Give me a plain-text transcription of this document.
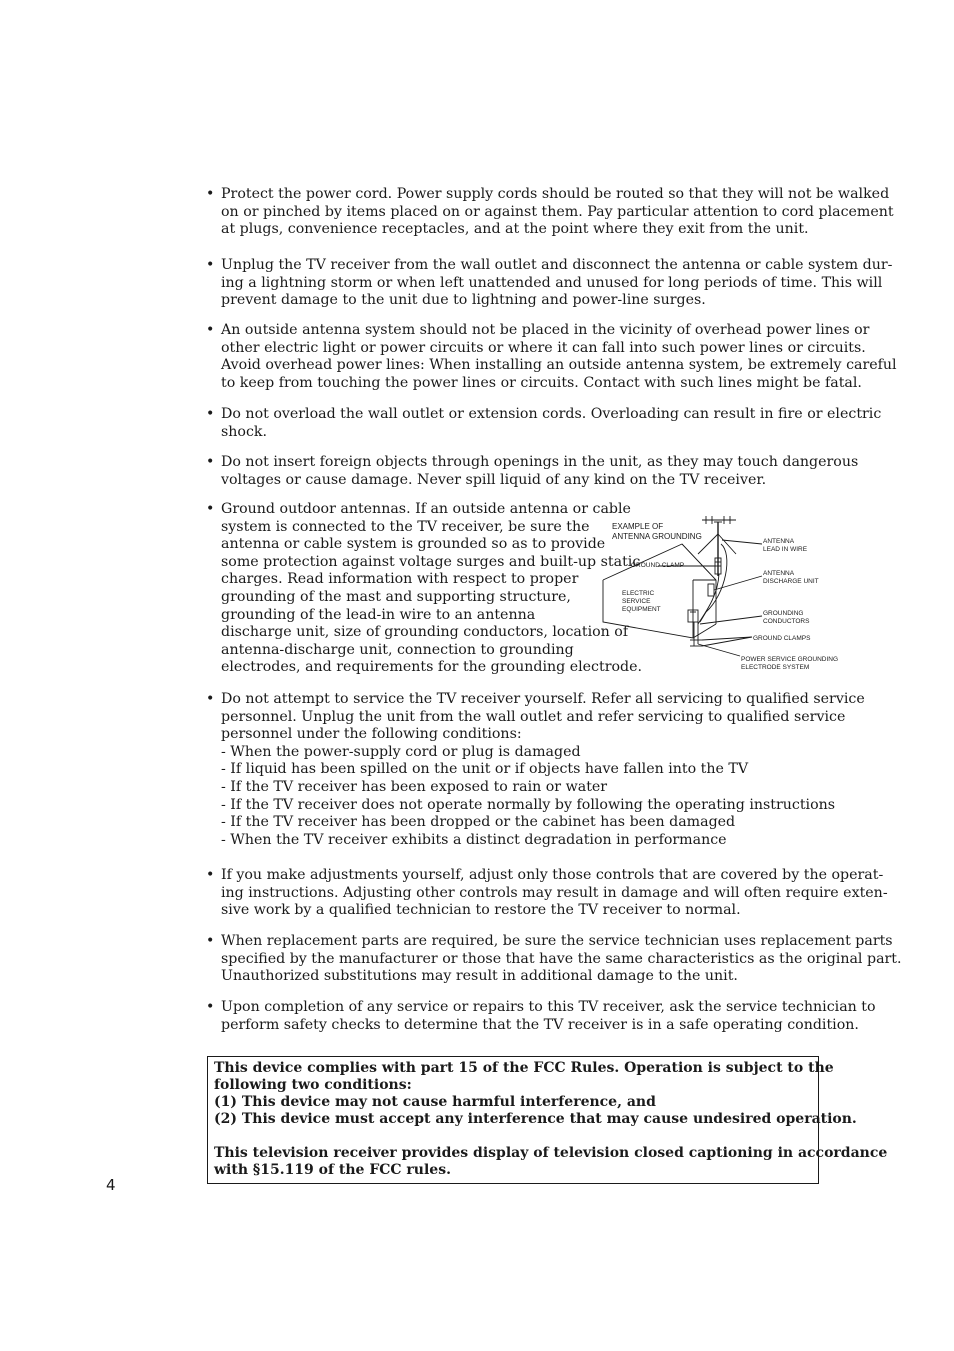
• Protect the power cord. Power supply cords should be routed so that they will not be walked
on or pinched by items placed on or against them. Pay particular attention to cord placement
at plugs, convenience receptacles, and at the point where they exit from the unit.
• Unplug the TV receiver from the wall outlet and disconnect the antenna or cable system dur-
ing a lightning storm or when left unattended and unused for long periods of time. This will
prevent damage to the unit due to lightning and power-line surges.
• An outside antenna system should not be placed in the vicinity of overhead power lines or
other electric light or power circuits or where it can fall into such power lines or circuits.
Avoid overhead power lines: When installing an outside antenna system, be extremely careful
to keep from touching the power lines or circuits. Contact with such lines might be fatal.
• Do not overload the wall outlet or extension cords. Overloading can result in fire or electric
shock.
• Do not insert foreign objects through openings in the unit, as they may touch dangerous
voltages or cause damage. Never spill liquid of any kind on the TV receiver.
• Ground outdoor antennas. If an outside antenna or cable
system is connected to the TV receiver, be sure the
antenna or cable system is grounded so as to provide
some protection against voltage surges and built-up static
charges. Read information with respect to proper
grounding of the mast and supporting structure,
grounding of the lead-in wire to an antenna
discharge unit, size of grounding conductors, location of
antenna-discharge unit, connection to grounding
electrodes, and requirements for the grounding electrode.
EXAMPLE OF
ANTENNA GROUNDING
GROUND CLAMP
ELECTRIC
SERVICE
EQUIPMENT
ANTENNA
LEAD IN WIRE
ANTENNA
DISCHARGE UNIT
GROUNDING
CONDUCTORS
GROUND CLAMPS
POWER SERVICE GROUNDING
ELECTRODE SYSTEM
• Do not attempt to service the TV receiver yourself. Refer all servicing to qualified service
personnel. Unplug the unit from the wall outlet and refer servicing to qualified service
personnel under the following conditions:
- When the power-supply cord or plug is damaged
- If liquid has been spilled on the unit or if objects have fallen into the TV
- If the TV receiver has been exposed to rain or water
- If the TV receiver does not operate normally by following the operating instructions
- If the TV receiver has been dropped or the cabinet has been damaged
- When the TV receiver exhibits a distinct degradation in performance
• If you make adjustments yourself, adjust only those controls that are covered by the operat-
ing instructions. Adjusting other controls may result in damage and will often require exten-
sive work by a qualified technician to restore the TV receiver to normal.
• When replacement parts are required, be sure the service technician uses replacement parts
specified by the manufacturer or those that have the same characteristics as the original part.
Unauthorized substitutions may result in additional damage to the unit.
• Upon completion of any service or repairs to this TV receiver, ask the service technician to
perform safety checks to determine that the TV receiver is in a safe operating condition.
This device complies with part 15 of the FCC Rules. Operation is subject to the
following two conditions:
(1) This device may not cause harmful interference, and
(2) This device must accept any interference that may cause undesired operation.
This television receiver provides display of television closed captioning in accordance
with §15.119 of the FCC rules.
4
